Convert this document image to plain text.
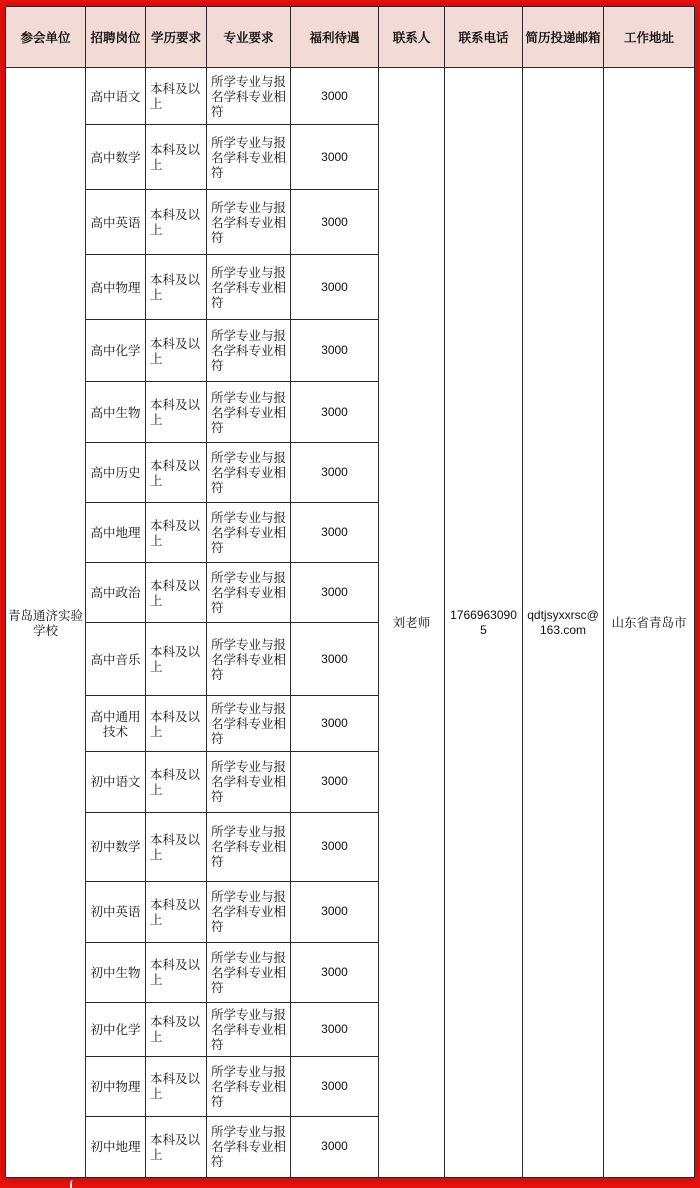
参会单位	招聘岗位	学历要求	专业要求	福利待遇	联系人	联系电话	简历投递邮箱	工作地址
青岛通济实验学校	高中语文	本科及以上	所学专业与报名学科专业相符	3000	刘老师	17669630905	qdtjsyxxrsc@163.com	山东省青岛市
	高中数学	本科及以上	所学专业与报名学科专业相符	3000				
	高中英语	本科及以上	所学专业与报名学科专业相符	3000				
	高中物理	本科及以上	所学专业与报名学科专业相符	3000				
	高中化学	本科及以上	所学专业与报名学科专业相符	3000				
	高中生物	本科及以上	所学专业与报名学科专业相符	3000				
	高中历史	本科及以上	所学专业与报名学科专业相符	3000				
	高中地理	本科及以上	所学专业与报名学科专业相符	3000				
	高中政治	本科及以上	所学专业与报名学科专业相符	3000				
	高中音乐	本科及以上	所学专业与报名学科专业相符	3000				
	高中通用技术	本科及以上	所学专业与报名学科专业相符	3000				
	初中语文	本科及以上	所学专业与报名学科专业相符	3000				
	初中数学	本科及以上	所学专业与报名学科专业相符	3000				
	初中英语	本科及以上	所学专业与报名学科专业相符	3000				
	初中生物	本科及以上	所学专业与报名学科专业相符	3000				
	初中化学	本科及以上	所学专业与报名学科专业相符	3000				
	初中物理	本科及以上	所学专业与报名学科专业相符	3000				
	初中地理	本科及以上	所学专业与报名学科专业相符	3000				
